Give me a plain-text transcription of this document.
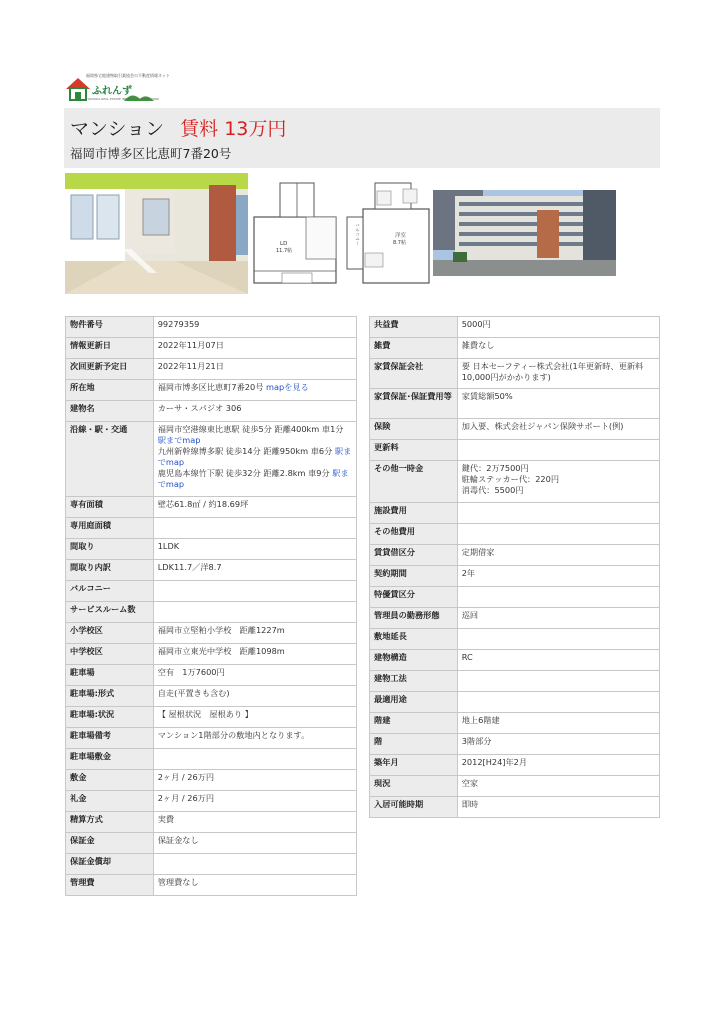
福岡県宅地建物取引業協会の不動産情報ネット
ふれんず
FUKUOKA REAL ESTATE INFORMATION NETWORK
マンション 賃料 13万円
福岡市博多区比恵町7番20号
LD
11.7帖
洋室
8.7帖
バルコニー
物件番号	99279359
情報更新日	2022年11月07日
次回更新予定日	2022年11月21日
所在地	福岡市博多区比恵町7番20号 mapを見る
建物名	カーサ・スパジオ 306
沿線・駅・交通	福岡市空港線東比恵駅 徒歩5分 距離400km 車1分 駅までmap
九州新幹線博多駅 徒歩14分 距離950km 車6分 駅までmap
鹿児島本線竹下駅 徒歩32分 距離2.8km 車9分 駅までmap
専有面積	壁芯61.8㎡ / 約18.69坪
専用庭面積	
間取り	1LDK
間取り内訳	LDK11.7／洋8.7
バルコニー	
サービスルーム数	
小学校区	福岡市立堅粕小学校　距離1227m
中学校区	福岡市立東光中学校　距離1098m
駐車場	空有　1万7600円
駐車場:形式	自走(平置きも含む)
駐車場:状況	【 屋根状況　屋根あり 】
駐車場備考	マンション1階部分の敷地内となります。
駐車場敷金	
敷金	2ヶ月 / 26万円
礼金	2ヶ月 / 26万円
精算方式	実費
保証金	保証金なし
保証金償却	
管理費	管理費なし
共益費	5000円
雑費	雑費なし
家賃保証会社	要 日本セーフティー株式会社(1年更新時、更新料10,000円がかかります)
家賃保証･保証費用等	家賃総額50%
保険	加入要、株式会社ジャパン保険サポート(例)
更新料	
その他一時金	鍵代：2万7500円
駐輪ステッカー代：220円
消毒代：5500円
施設費用	
その他費用	
賃貸借区分	定期借家
契約期間	2年
特優賃区分	
管理員の勤務形態	巡回
敷地延長	
建物構造	RC
建物工法	
最適用途	
階建	地上6階建
階	3階部分
築年月	2012[H24]年2月
現況	空家
入居可能時期	即時
